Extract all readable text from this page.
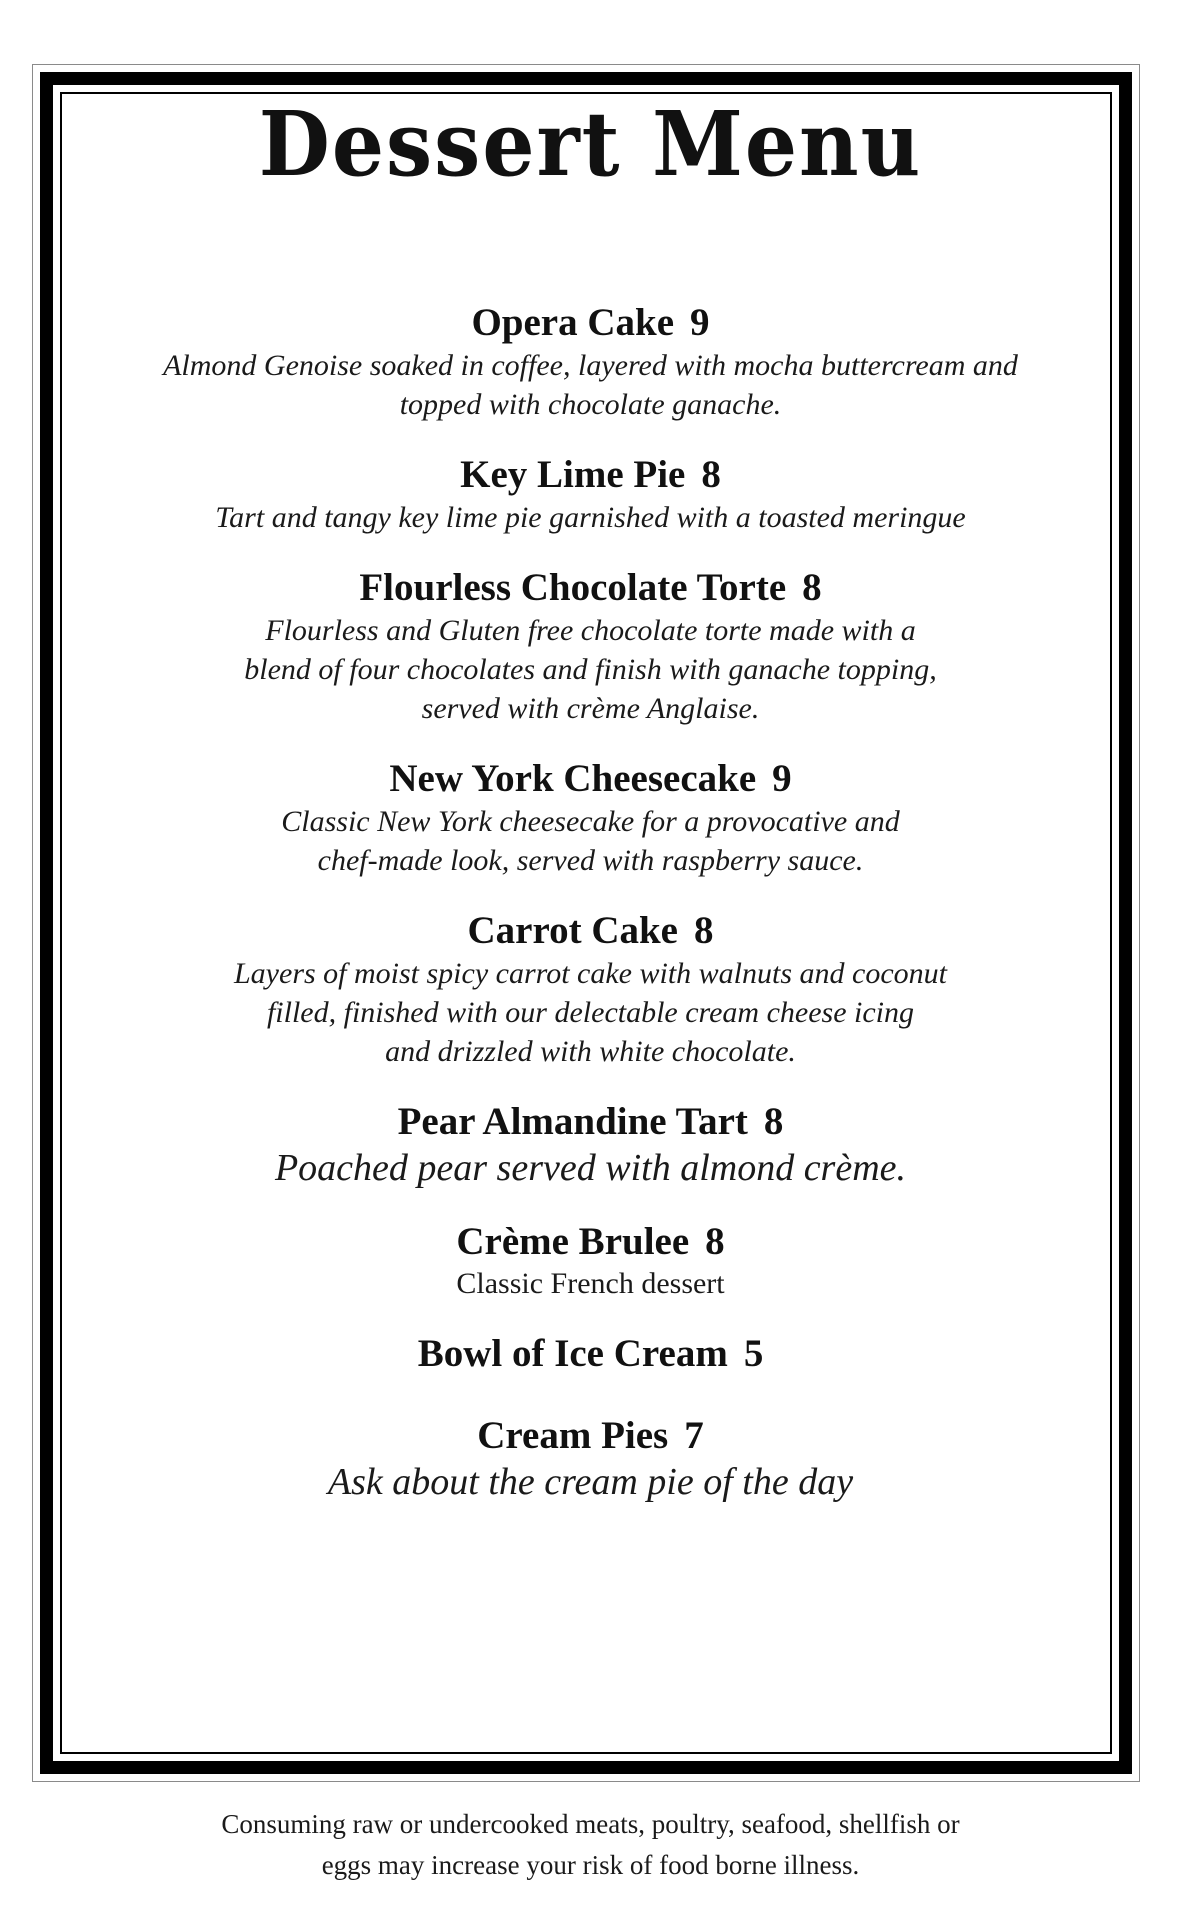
Dessert Menu
Opera Cake 9
Almond Genoise soaked in coffee, layered with mocha buttercream and
topped with chocolate ganache.
Key Lime Pie 8
Tart and tangy key lime pie garnished with a toasted meringue
Flourless Chocolate Torte 8
Flourless and Gluten free chocolate torte made with a
blend of four chocolates and finish with ganache topping,
served with crème Anglaise.
New York Cheesecake 9
Classic New York cheesecake for a provocative and
chef-made look, served with raspberry sauce.
Carrot Cake 8
Layers of moist spicy carrot cake with walnuts and coconut
filled, finished with our delectable cream cheese icing
and drizzled with white chocolate.
Pear Almandine Tart 8
Poached pear served with almond crème.
Crème Brulee 8
Classic French dessert
Bowl of Ice Cream 5
Cream Pies 7
Ask about the cream pie of the day
Consuming raw or undercooked meats, poultry, seafood, shellfish or
eggs may increase your risk of food borne illness.
